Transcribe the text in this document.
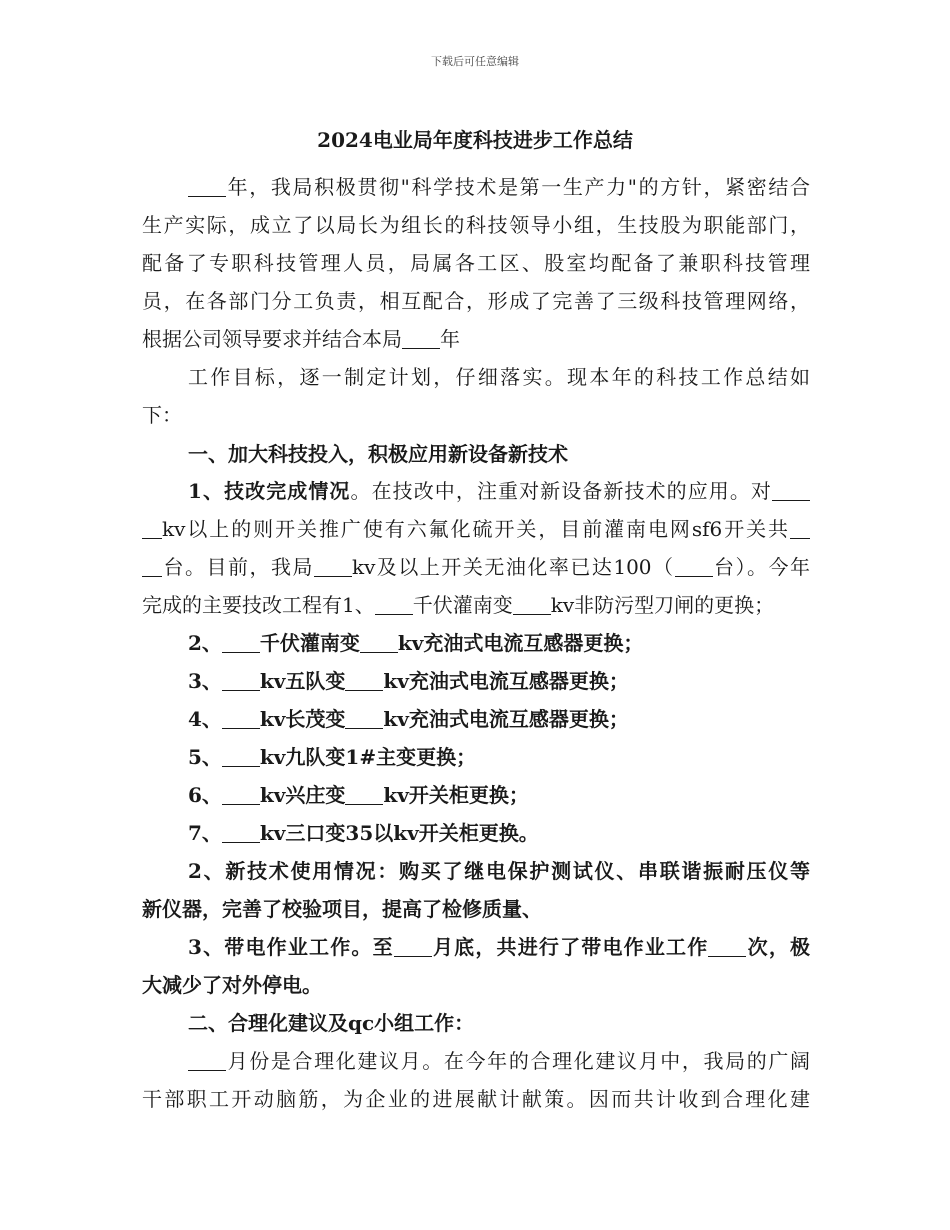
下载后可任意编辑
2024电业局年度科技进步工作总结
年，我局积极贯彻"科学技术是第一生产力"的方针，紧密结合
生产实际，成立了以局长为组长的科技领导小组，生技股为职能部门，
配备了专职科技管理人员，局属各工区、股室均配备了兼职科技管理
员，在各部门分工负责，相互配合，形成了完善了三级科技管理网络，
根据公司领导要求并结合本局 年
工作目标，逐一制定计划，仔细落实。现本年的科技工作总结如
下：
一、加大科技投入，积极应用新设备新技术
1、技改完成情况。在技改中，注重对新设备新技术的应用。对
kv以上的则开关推广使有六氟化硫开关，目前灌南电网sf6开关共
台。目前，我局 kv及以上开关无油化率已达100（ 台）。今年
完成的主要技改工程有1、 千伏灌南变 kv非防污型刀闸的更换；
2、 千伏灌南变 kv充油式电流互感器更换；
3、 kv五队变 kv充油式电流互感器更换；
4、 kv长茂变 kv充油式电流互感器更换；
5、 kv九队变1#主变更换；
6、 kv兴庄变 kv开关柜更换；
7、 kv三口变35以kv开关柜更换。
2、新技术使用情况：购买了继电保护测试仪、串联谐振耐压仪等
新仪器，完善了校验项目，提高了检修质量、
3、带电作业工作。至 月底，共进行了带电作业工作 次，极
大减少了对外停电。
二、合理化建议及qc小组工作：
月份是合理化建议月。在今年的合理化建议月中，我局的广阔
干部职工开动脑筋，为企业的进展献计献策。因而共计收到合理化建
